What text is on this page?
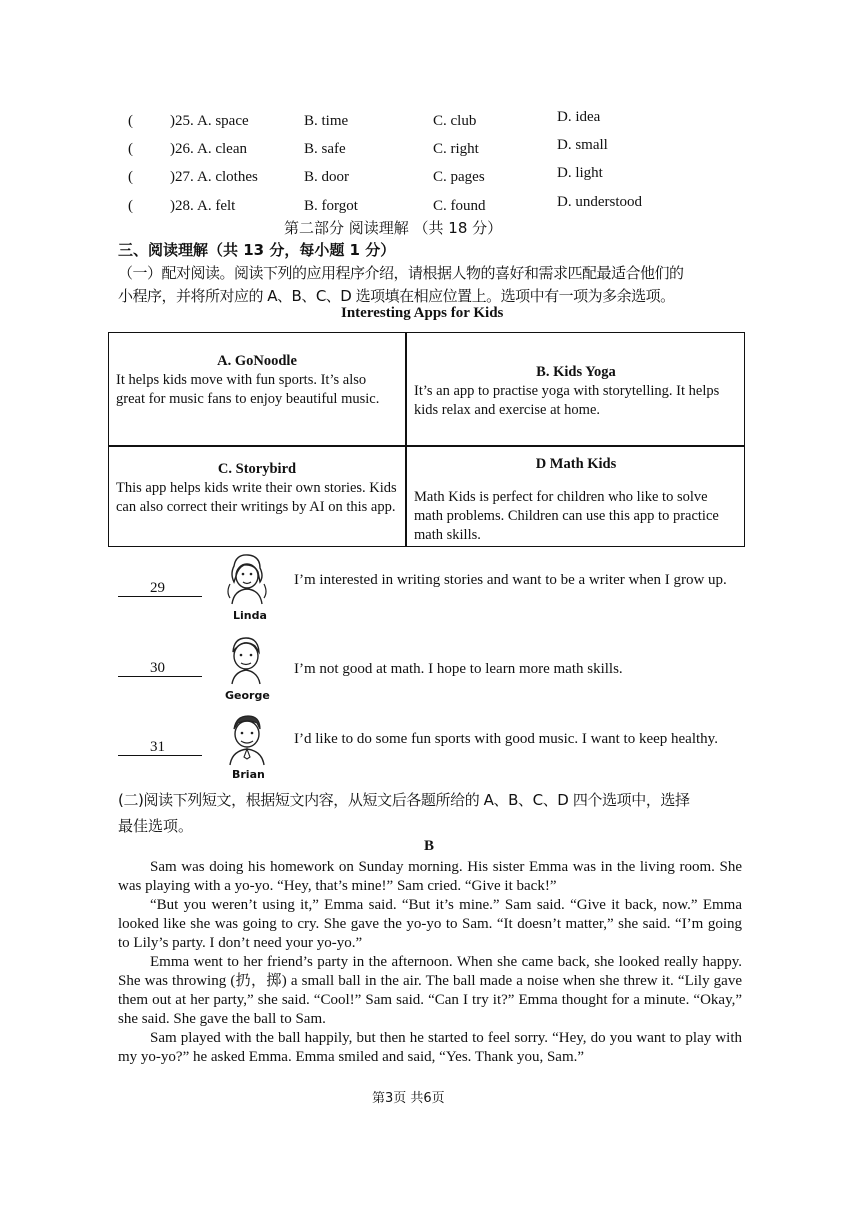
( )25. A. space	B. time	C. club	D. idea
( )26. A. clean	B. safe	C. right	D. small
( )27. A. clothes	B. door	C. pages	D. light
( )28. A. felt	B. forgot	C. found	D. understood
第二部分 阅读理解 （共 18 分）
三、阅读理解（共 13 分，每小题 1 分）
（一）配对阅读。阅读下列的应用程序介绍，请根据人物的喜好和需求匹配最适合他们的
小程序，并将所对应的 A、B、C、D 选项填在相应位置上。选项中有一项为多余选项。
Interesting Apps for Kids
A. GoNoodle
It helps kids move with fun sports. It’s also great for music fans to enjoy beautiful music.
B. Kids Yoga
It’s an app to practise yoga with storytelling. It helps kids relax and exercise at home.
C. Storybird
This app helps kids write their own stories. Kids can also correct their writings by AI on this app.
D Math Kids
Math Kids is perfect for children who like to solve math problems. Children can use this app to practice math skills.
29
Linda
I’m interested in writing stories and want to be a writer when I grow up.
30
George
I’m not good at math. I hope to learn more math skills.
31
Brian
I’d like to do some fun sports with good music. I want to keep healthy.
(二)阅读下列短文，根据短文内容，从短文后各题所给的 A、B、C、D 四个选项中，选择
最佳选项。
B

Sam was doing his homework on Sunday morning. His sister Emma was in the living room. She was playing with a yo-yo. “Hey, that’s mine!” Sam cried. “Give it back!”

“But you weren’t using it,” Emma said. “But it’s mine.” Sam said. “Give it back, now.” Emma looked like she was going to cry. She gave the yo-yo to Sam. “It doesn’t matter,” she said. “I’m going to Lily’s party. I don’t need your yo-yo.”

Emma went to her friend’s party in the afternoon. When she came back, she looked really happy. She was throwing (扔，掷) a small ball in the air. The ball made a noise when she threw it. “Lily gave them out at her party,” she said. “Cool!” Sam said. “Can I try it?” Emma thought for a minute. “Okay,” she said. She gave the ball to Sam.

Sam played with the ball happily, but then he started to feel sorry. “Hey, do you want to play with my yo-yo?” he asked Emma. Emma smiled and said, “Yes. Thank you, Sam.”

第3页 共6页
